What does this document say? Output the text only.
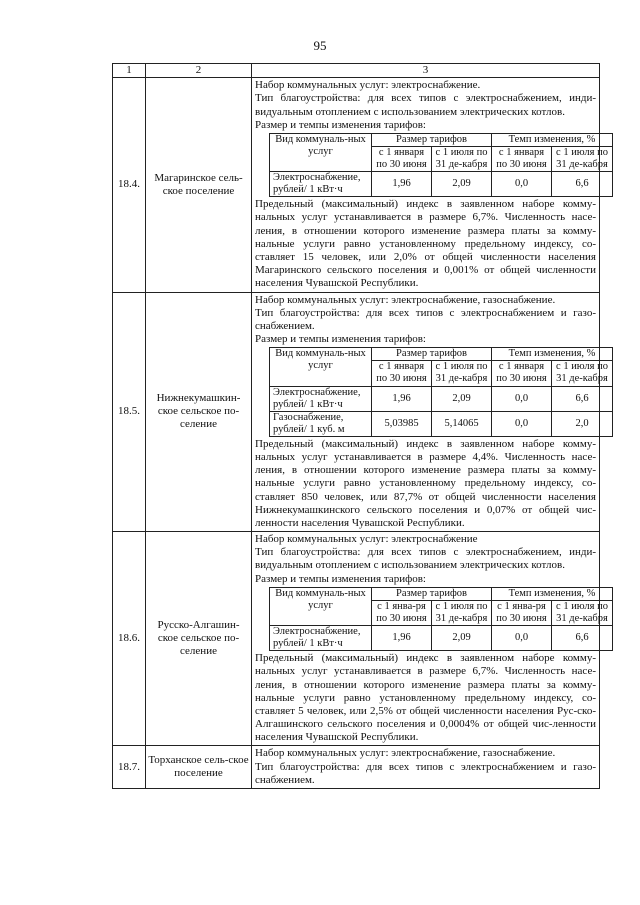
95
1	2	3
18.4.	Магаринское сель-ское поселение	
Набор коммунальных услуг: электроснабжение.
Тип благоустройства: для всех типов с электроснабжением, инди-видуальным отоплением с использованием электрических котлов.
Размер и темпы изменения тарифов:
Вид коммуналь-ных услуг	Размер тарифов	Темп изменения, %
с 1 января по 30 июня	с 1 июля по 31 де-кабря	с 1 января по 30 июня	с 1 июля по 31 де-кабря
Электроснабжение, рублей/ 1 кВт·ч	1,96	2,09	0,0	6,6
Предельный (максимальный) индекс в заявленном наборе комму-нальных услуг устанавливается в размере 6,7%. Численность насе-ления, в отношении которого изменение размера платы за комму-нальные услуги равно установленному предельному индексу, со-ставляет 15 человек, или 2,0% от общей численности населения Магаринского сельского поселения и 0,001% от общей численности населения Чувашской Республики.

18.5.	Нижнекумашкин-ское сельское по-селение	
Набор коммунальных услуг: электроснабжение, газоснабжение.
Тип благоустройства: для всех типов с электроснабжением и газо-снабжением.
Размер и темпы изменения тарифов:
Вид коммуналь-ных услуг	Размер тарифов	Темп изменения, %
с 1 января по 30 июня	с 1 июля по 31 де-кабря	с 1 января по 30 июня	с 1 июля по 31 де-кабря
Электроснабжение, рублей/ 1 кВт·ч	1,96	2,09	0,0	6,6
Газоснабжение, рублей/ 1 куб. м	5,03985	5,14065	0,0	2,0
Предельный (максимальный) индекс в заявленном наборе комму-нальных услуг устанавливается в размере 4,4%. Численность насе-ления, в отношении которого изменение размера платы за комму-нальные услуги равно установленному предельному индексу, со-ставляет 850 человек, или 87,7% от общей численности населения Нижнекумашкинского сельского поселения и 0,07% от общей чис-ленности населения Чувашской Республики.

18.6.	Русско-Алгашин-ское сельское по-селение	
Набор коммунальных услуг: электроснабжение
Тип благоустройства: для всех типов с электроснабжением, инди-видуальным отоплением с использованием электрических котлов.
Размер и темпы изменения тарифов:
Вид коммуналь-ных услуг	Размер тарифов	Темп изменения, %
с 1 янва-ря по 30 июня	с 1 июля по 31 де-кабря	с 1 янва-ря по 30 июня	с 1 июля по 31 де-кабря
Электроснабжение, рублей/ 1 кВт·ч	1,96	2,09	0,0	6,6
Предельный (максимальный) индекс в заявленном наборе комму-нальных услуг устанавливается в размере 6,7%. Численность насе-ления, в отношении которого изменение размера платы за комму-нальные услуги равно установленному предельному индексу, со-ставляет 5 человек, или 2,5% от общей численности населения Рус-ско-Алгашинского сельского поселения и 0,0004% от общей чис-ленности населения Чувашской Республики.

18.7.	Торханское сель-ское поселение	
Набор коммунальных услуг: электроснабжение, газоснабжение.
Тип благоустройства: для всех типов с электроснабжением и газо-снабжением.
